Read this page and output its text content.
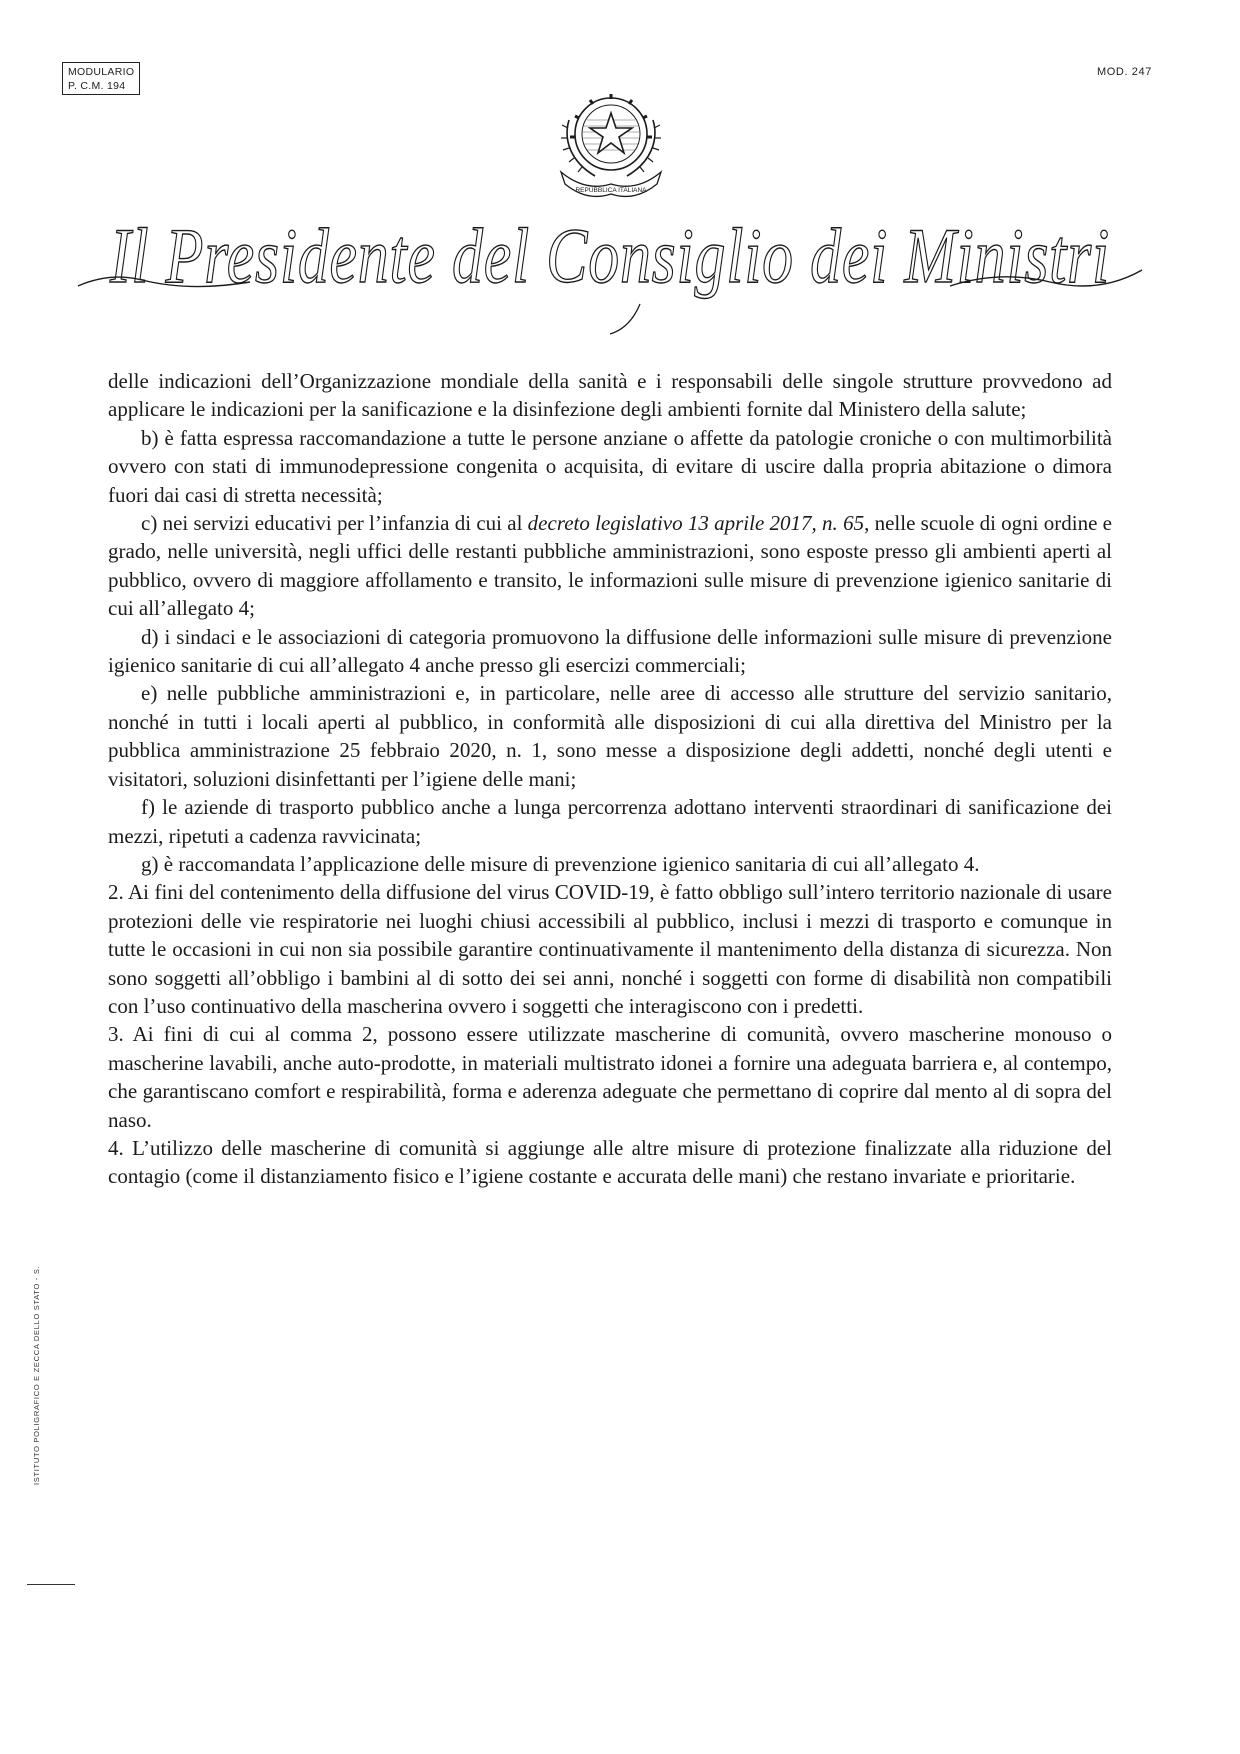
MODULARIO
P. C.M. 194
MOD. 247
REPUBBLICA ITALIANA
Il Presidente del Consiglio dei Ministri

delle indicazioni dell’Organizzazione mondiale della sanità e i responsabili delle singole strutture provvedono ad applicare le indicazioni per la sanificazione e la disinfezione degli ambienti fornite dal Ministero della salute;

b) è fatta espressa raccomandazione a tutte le persone anziane o affette da patologie croniche o con multimorbilità ovvero con stati di immunodepressione congenita o acquisita, di evitare di uscire dalla propria abitazione o dimora fuori dai casi di stretta necessità;

c) nei servizi educativi per l’infanzia di cui al decreto legislativo 13 aprile 2017, n. 65, nelle scuole di ogni ordine e grado, nelle università, negli uffici delle restanti pubbliche amministrazioni, sono esposte presso gli ambienti aperti al pubblico, ovvero di maggiore affollamento e transito, le informazioni sulle misure di prevenzione igienico sanitarie di cui all’allegato 4;

d) i sindaci e le associazioni di categoria promuovono la diffusione delle informazioni sulle misure di prevenzione igienico sanitarie di cui all’allegato 4 anche presso gli esercizi commerciali;

e) nelle pubbliche amministrazioni e, in particolare, nelle aree di accesso alle strutture del servizio sanitario, nonché in tutti i locali aperti al pubblico, in conformità alle disposizioni di cui alla direttiva del Ministro per la pubblica amministrazione 25 febbraio 2020, n. 1, sono messe a disposizione degli addetti, nonché degli utenti e visitatori, soluzioni disinfettanti per l’igiene delle mani;

f) le aziende di trasporto pubblico anche a lunga percorrenza adottano interventi straordinari di sanificazione dei mezzi, ripetuti a cadenza ravvicinata;

g) è raccomandata l’applicazione delle misure di prevenzione igienico sanitaria di cui all’allegato 4.

2. Ai fini del contenimento della diffusione del virus COVID-19, è fatto obbligo sull’intero territorio nazionale di usare protezioni delle vie respiratorie nei luoghi chiusi accessibili al pubblico, inclusi i mezzi di trasporto e comunque in tutte le occasioni in cui non sia possibile garantire continuativamente il mantenimento della distanza di sicurezza. Non sono soggetti all’obbligo i bambini al di sotto dei sei anni, nonché i soggetti con forme di disabilità non compatibili con l’uso continuativo della mascherina ovvero i soggetti che interagiscono con i predetti.

3. Ai fini di cui al comma 2, possono essere utilizzate mascherine di comunità, ovvero mascherine monouso o mascherine lavabili, anche auto-prodotte, in materiali multistrato idonei a fornire una adeguata barriera e, al contempo, che garantiscano comfort e respirabilità, forma e aderenza adeguate che permettano di coprire dal mento al di sopra del naso.

4. L’utilizzo delle mascherine di comunità si aggiunge alle altre misure di protezione finalizzate alla riduzione del contagio (come il distanziamento fisico e l’igiene costante e accurata delle mani) che restano invariate e prioritarie.

ISTITUTO POLIGRAFICO E ZECCA DELLO STATO - S.
